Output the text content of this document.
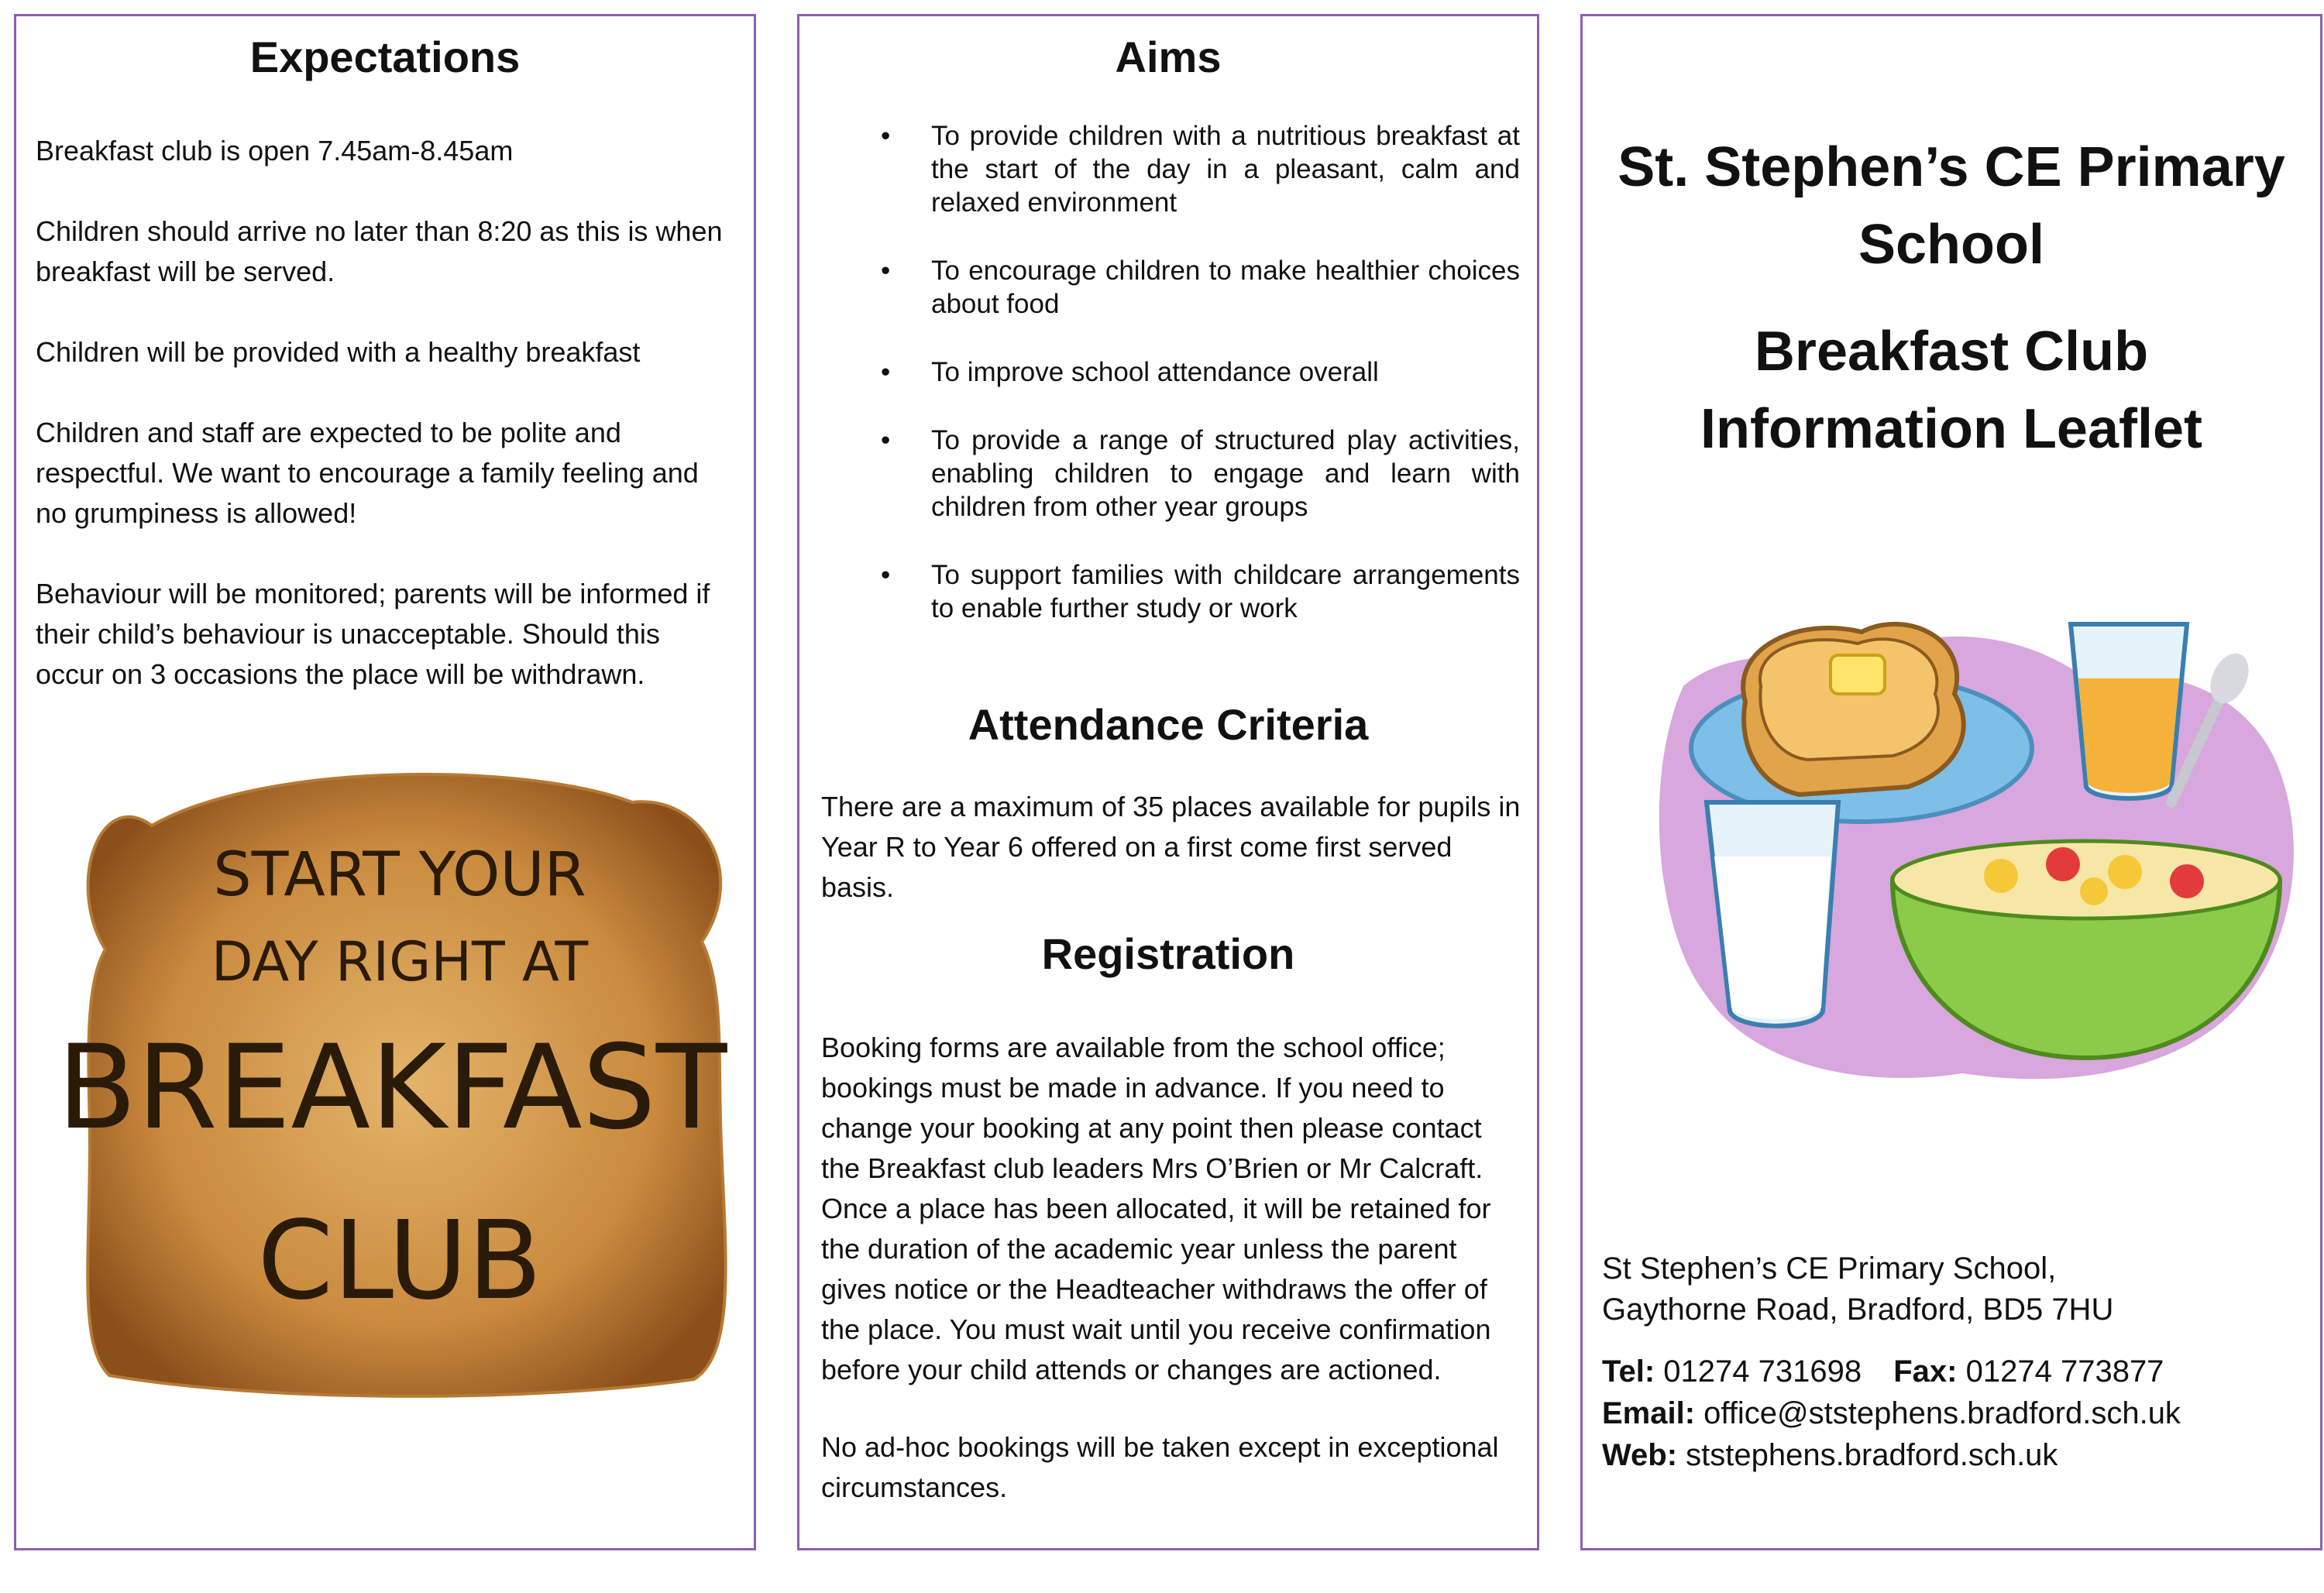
Expectations

Breakfast club is open 7.45am-8.45am

Children should arrive no later than 8:20 as this is when breakfast will be served.

Children will be provided with a healthy breakfast

Children and staff are expected to be polite and respectful. We want to encourage a family feeling and no grumpiness is allowed!

Behaviour will be monitored; parents will be informed if their child’s behaviour is unacceptable. Should this occur on 3 occasions the place will be withdrawn.

START YOUR
DAY RIGHT AT
BREAKFAST
CLUB
Aims
• To provide children with a nutritious breakfast at the start of the day in a pleasant, calm and relaxed environment
• To encourage children to make healthier choices about food
• To improve school attendance overall
• To provide a range of structured play activities, enabling children to engage and learn with children from other year groups
• To support families with childcare arrangements to enable further study or work
Attendance Criteria

There are a maximum of 35 places available for pupils in Year R to Year 6 offered on a first come first served basis.

Registration

Booking forms are available from the school office; bookings must be made in advance. If you need to change your booking at any point then please contact the Breakfast club leaders Mrs O’Brien or Mr Calcraft. Once a place has been allocated, it will be retained for the duration of the academic year unless the parent gives notice or the Headteacher withdraws the offer of the place. You must wait until you receive confirmation before your child attends or changes are actioned.

No ad-hoc bookings will be taken except in exceptional circumstances.

St. Stephen’s CE Primary
School
Breakfast Club
Information Leaflet

St Stephen’s CE Primary School,

Gaythorne Road, Bradford, BD5 7HU

Tel: 01274 731698 Fax: 01274 773877

Email: office@ststephens.bradford.sch.uk

Web: ststephens.bradford.sch.uk
